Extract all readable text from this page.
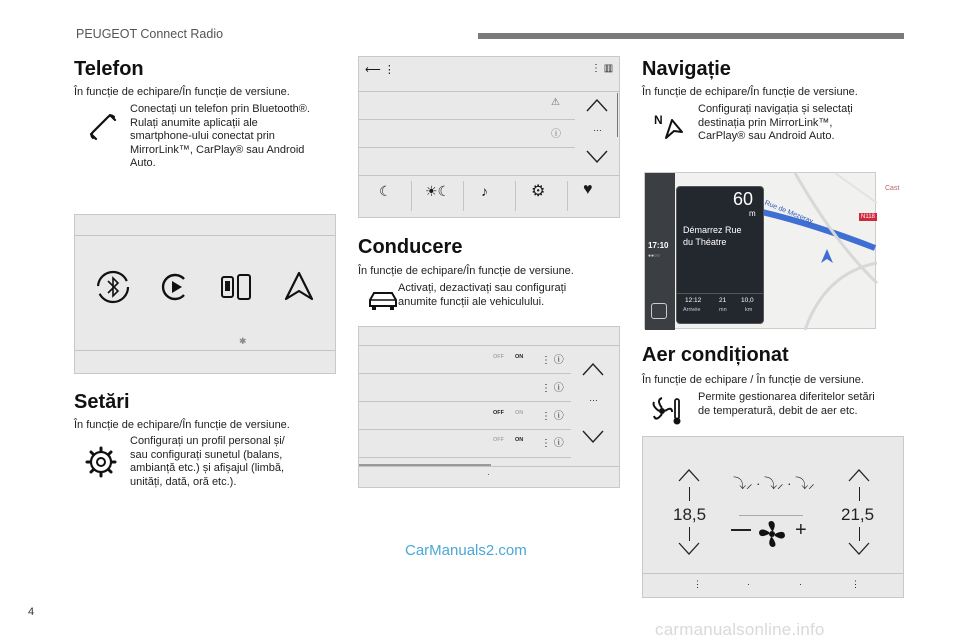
PEUGEOT Connect Radio
Telefon
În funcție de echipare/În funcție de versiune.
Conectați un telefon prin Bluetooth®.
Rulați anumite aplicații ale
smartphone-ului conectat prin
MirrorLink™, CarPlay® sau Android
Auto.
✱
Setări
În funcție de echipare/În funcție de versiune.
Configurați un profil personal și/
sau configurați sunetul (balans,
ambianță etc.) și afișajul (limbă,
unități, dată, oră etc.).
⟵ ⋮	⋮ ▥
⚠
ⓘ
…
☾ ☀☾ ♪	⚙ ♥
Conducere
În funcție de echipare/În funcție de versiune.
Activați, dezactivați sau configurați
anumite funcții ale vehiculului.
OFF ON ⋮ ⓘ
⋮ ⓘ
OFF ON ⋮ ⓘ
OFF ON ⋮ ⓘ
…
·
Navigație
În funcție de echipare/În funcție de versiune.
N
Configurați navigația și selectați
destinația prin MirrorLink™,
CarPlay® sau Android Auto.
17:10
●●○○
Rue de Mezeray	N118
Cast
60
m
Démarrez Rue
du Théatre
12:12
Arrivée
21
mn
10,0
km
Aer condiționat
În funcție de echipare / În funcție de versiune.
Permite gestionarea diferitelor setări
de temperatură, debit de aer etc.
18,5	21,5
⤵⸝ · ⤵⸝ · ⤵⸝
+
⋮	·	·	⋮
CarManuals2.com
carmanualsonline.info
4
